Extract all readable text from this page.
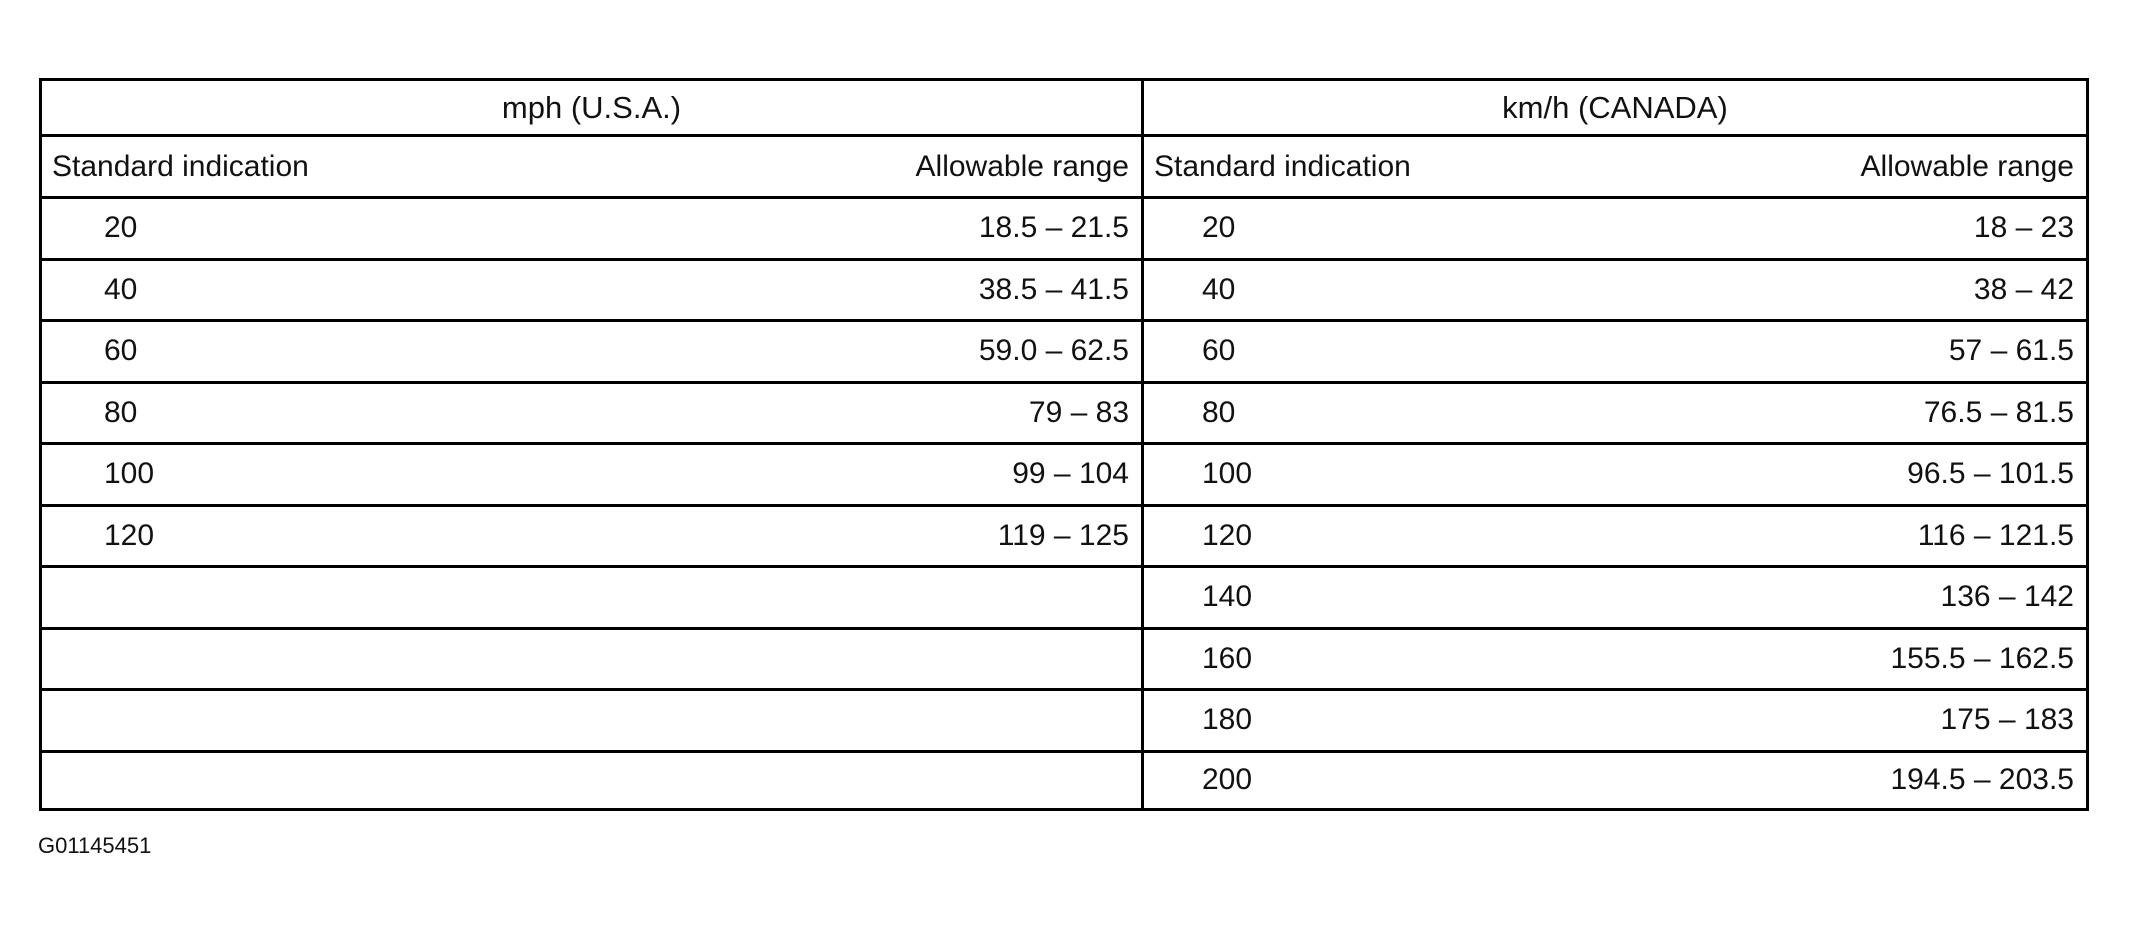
mph (U.S.A.)
Standard indication	Allowable range
20	18.5 – 21.5
40	38.5 – 41.5
60	59.0 – 62.5
80	79 – 83
100	99 – 104
120	119 – 125
km/h (CANADA)
Standard indication	Allowable range
20	18 – 23
40	38 – 42
60	57 – 61.5
80	76.5 – 81.5
100	96.5 – 101.5
120	116 – 121.5
140	136 – 142
160	155.5 – 162.5
180	175 – 183
200	194.5 – 203.5
G01145451
